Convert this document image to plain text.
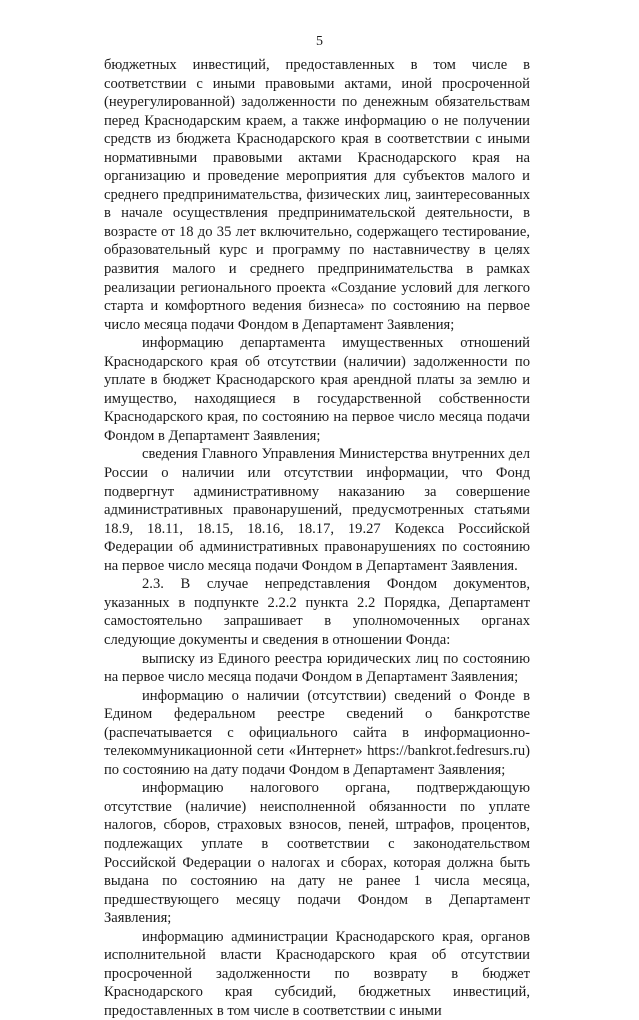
5

бюджетных инвестиций, предоставленных в том числе в соответствии с иными правовыми актами, иной просроченной (неурегулированной) задолженности по денежным обязательствам перед Краснодарским краем, а также информацию о не получении средств из бюджета Краснодарского края в соответствии с иными нормативными правовыми актами Краснодарского края на организацию и проведение мероприятия для субъектов малого и среднего предпринимательства, физических лиц, заинтересованных в начале осуществления предпринимательской деятельности, в возрасте от 18 до 35 лет включительно, содержащего тестирование, образовательный курс и программу по наставничеству в целях развития малого и среднего предпринимательства в рамках реализации регионального проекта «Создание условий для легкого старта и комфортного ведения бизнеса» по состоянию на первое число месяца подачи Фондом в Департамент Заявления;

информацию департамента имущественных отношений Краснодарского края об отсутствии (наличии) задолженности по уплате в бюджет Краснодарского края арендной платы за землю и имущество, находящиеся в государственной собственности Краснодарского края, по состоянию на первое число месяца подачи Фондом в Департамент Заявления;

сведения Главного Управления Министерства внутренних дел России о наличии или отсутствии информации, что Фонд подвергнут административному наказанию за совершение административных правонарушений, предусмотренных статьями 18.9, 18.11, 18.15, 18.16, 18.17, 19.27 Кодекса Российской Федерации об административных правонарушениях по состоянию на первое число месяца подачи Фондом в Департамент Заявления.

2.3. В случае непредставления Фондом документов, указанных в подпункте 2.2.2 пункта 2.2 Порядка, Департамент самостоятельно запрашивает в уполномоченных органах следующие документы и сведения в отношении Фонда:

выписку из Единого реестра юридических лиц по состоянию на первое число месяца подачи Фондом в Департамент Заявления;

информацию о наличии (отсутствии) сведений о Фонде в Едином федеральном реестре сведений о банкротстве (распечатывается с официального сайта в информационно-телекоммуникационной сети «Интернет» https://bankrot.fedresurs.ru) по состоянию на дату подачи Фондом в Департамент Заявления;

информацию налогового органа, подтверждающую отсутствие (наличие) неисполненной обязанности по уплате налогов, сборов, страховых взносов, пеней, штрафов, процентов, подлежащих уплате в соответствии с законодательством Российской Федерации о налогах и сборах, которая должна быть выдана по состоянию на дату не ранее 1 числа месяца, предшествующего месяцу подачи Фондом в Департамент Заявления;

информацию администрации Краснодарского края, органов исполнительной власти Краснодарского края об отсутствии просроченной задолженности по возврату в бюджет Краснодарского края субсидий, бюджетных инвестиций, предоставленных в том числе в соответствии с иными
